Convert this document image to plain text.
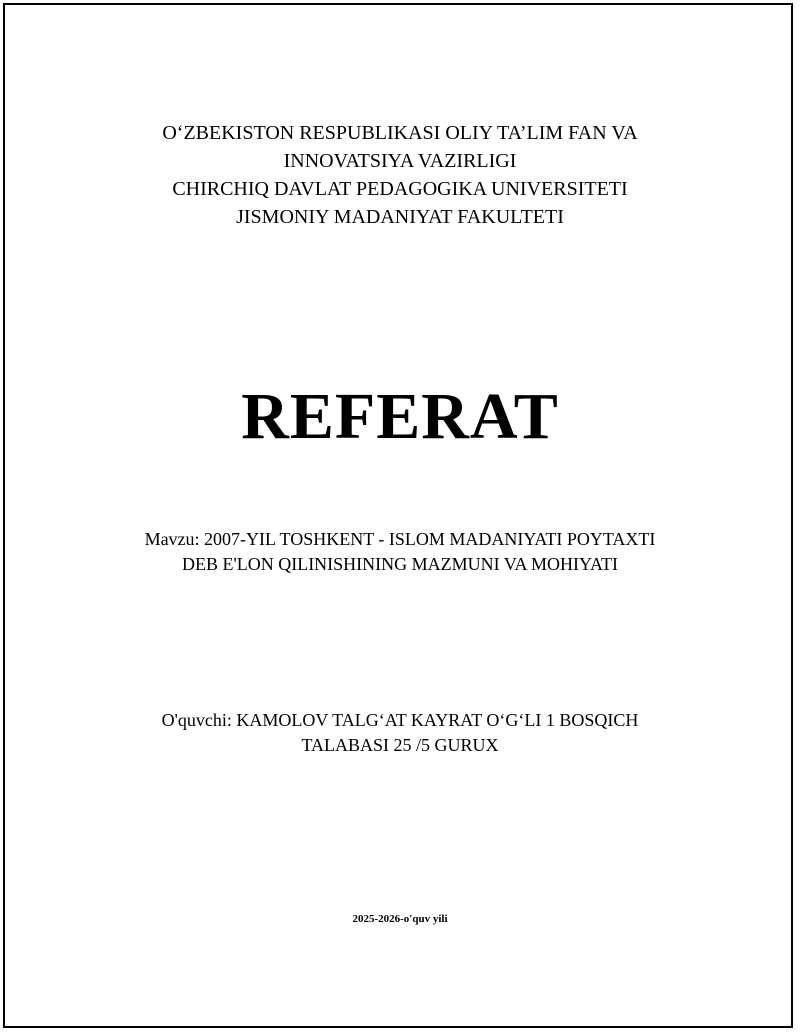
O‘ZBEKISTON RESPUBLIKASI OLIY TA’LIM FAN VA
INNOVATSIYA VAZIRLIGI
CHIRCHIQ DAVLAT PEDAGOGIKA UNIVERSITETI
JISMONIY MADANIYAT FAKULTETI
REFERAT
Mavzu: 2007-YIL TOSHKENT - ISLOM MADANIYATI POYTAXTI
DEB E'LON QILINISHINING MAZMUNI VA MOHIYATI
O'quvchi: KAMOLOV TALG‘AT KAYRAT O‘G‘LI 1 BOSQICH
TALABASI 25 /5 GURUX
2025-2026-o'quv yili
